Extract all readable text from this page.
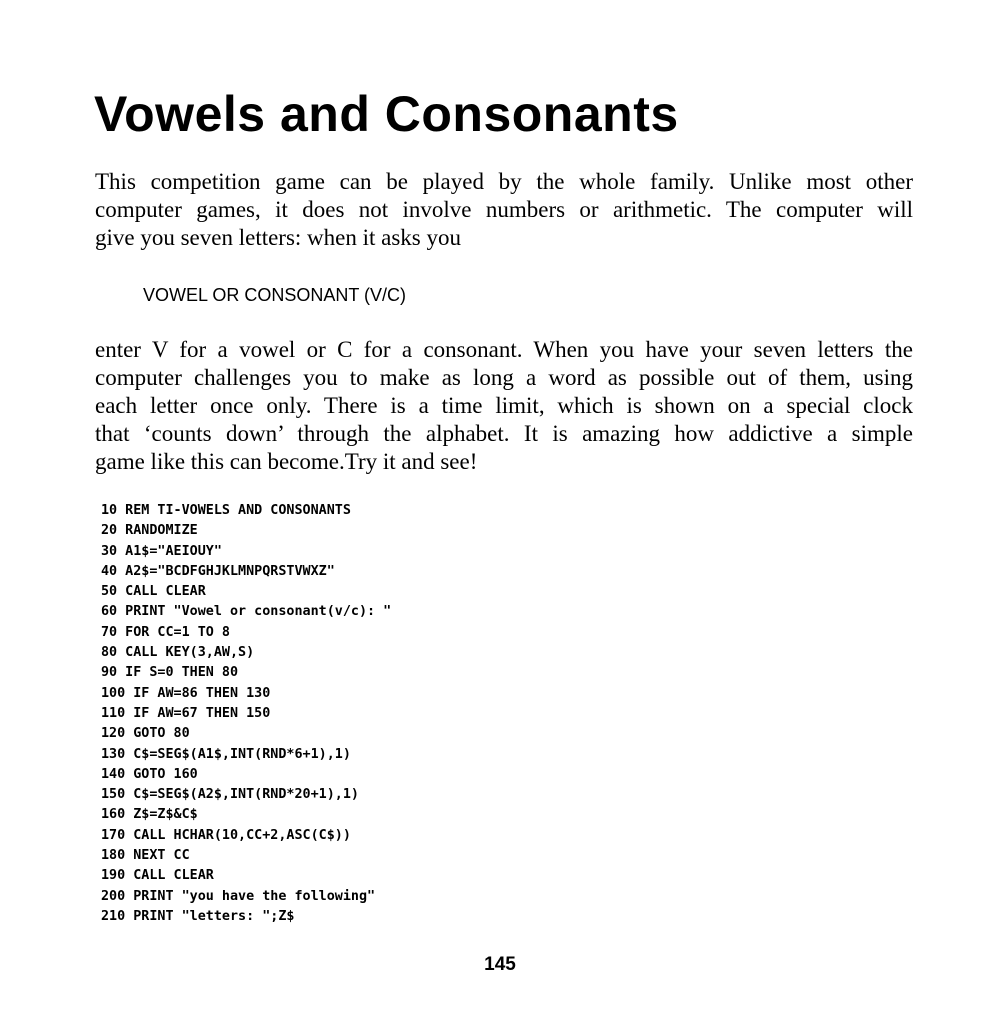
Vowels and Consonants

This competition game can be played by the whole family. Unlike most other
computer games, it does not involve numbers or arithmetic. The computer will
give you seven letters: when it asks you

VOWEL OR CONSONANT (V/C)

enter V for a vowel or C for a consonant. When you have your seven letters the
computer challenges you to make as long a word as possible out of them, using
each letter once only. There is a time limit, which is shown on a special clock
that ‘counts down’ through the alphabet. It is amazing how addictive a simple
game like this can become.Try it and see!

10 REM TI-VOWELS AND CONSONANTS
20 RANDOMIZE
30 A1$="AEIOUY"
40 A2$="BCDFGHJKLMNPQRSTVWXZ"
50 CALL CLEAR
60 PRINT "Vowel or consonant(v/c): "
70 FOR CC=1 TO 8
80 CALL KEY(3,AW,S)
90 IF S=0 THEN 80
100 IF AW=86 THEN 130
110 IF AW=67 THEN 150
120 GOTO 80
130 C$=SEG$(A1$,INT(RND*6+1),1)
140 GOTO 160
150 C$=SEG$(A2$,INT(RND*20+1),1)
160 Z$=Z$&C$
170 CALL HCHAR(10,CC+2,ASC(C$))
180 NEXT CC
190 CALL CLEAR
200 PRINT "you have the following"
210 PRINT "letters: ";Z$
145
